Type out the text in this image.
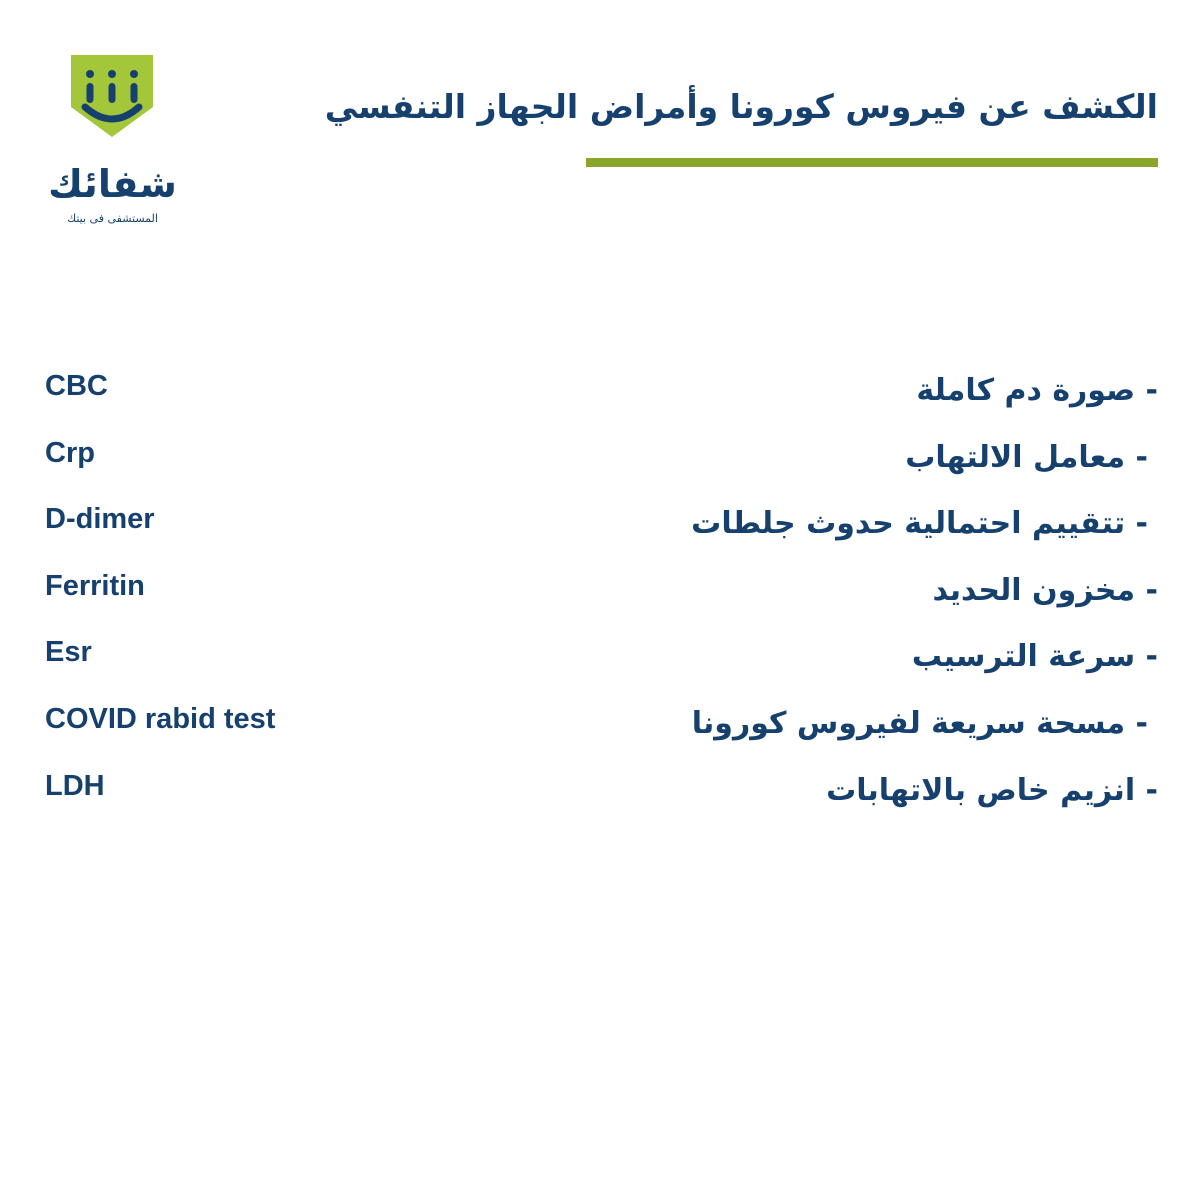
شفائك
المستشفى فى بيتك
الكشف عن فيروس كورونا وأمراض الجهاز التنفسي
CBC	- صورة دم كاملة
Crp	- معامل الالتهاب
D-dimer	- تتقييم احتمالية حدوث جلطات
Ferritin	- مخزون الحديد
Esr	- سرعة الترسيب
COVID rabid test	- مسحة سريعة لفيروس كورونا
LDH	- انزيم خاص بالاتهابات
